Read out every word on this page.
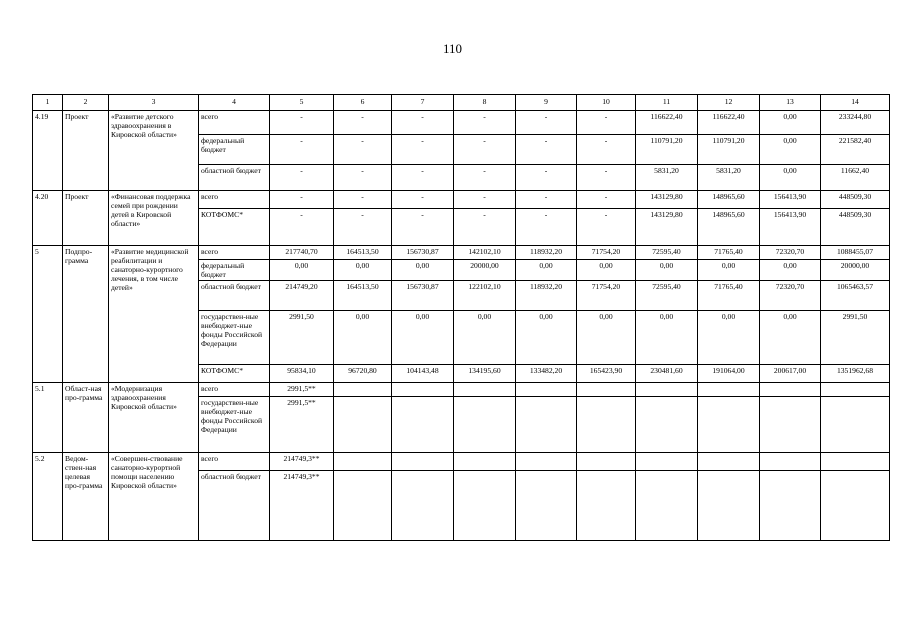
110
1	2	3	4	5	6	7	8	9	10	11	12	13	14
4.19	Проект	«Развитие детского здравоохранения в Кировской области»	всего	-	-	-	-	-	-	116622,40	116622,40	0,00	233244,80
			федеральный бюджет	-	-	-	-	-	-	110791,20	110791,20	0,00	221582,40
			областной бюджет	-	-	-	-	-	-	5831,20	5831,20	0,00	11662,40
4.20	Проект	«Финансовая поддержка семей при рождении детей в Кировской области»	всего	-	-	-	-	-	-	143129,80	148965,60	156413,90	448509,30
			КОТФОМС*	-	-	-	-	-	-	143129,80	148965,60	156413,90	448509,30
5	Подпро-грамма	«Развитие медицинской реабилитации и санаторно-курортного лечения, в том числе детей»	всего	217740,70	164513,50	156730,87	142102,10	118932,20	71754,20	72595,40	71765,40	72320,70	1088455,07
			федеральный бюджет	0,00	0,00	0,00	20000,00	0,00	0,00	0,00	0,00	0,00	20000,00
			областной бюджет	214749,20	164513,50	156730,87	122102,10	118932,20	71754,20	72595,40	71765,40	72320,70	1065463,57
			государствен-ные внебюджет-ные фонды Российской Федерации	2991,50	0,00	0,00	0,00	0,00	0,00	0,00	0,00	0,00	2991,50
			КОТФОМС*	95834,10	96720,80	104143,48	134195,60	133482,20	165423,90	230481,60	191064,00	200617,00	1351962,68
5.1	Област-ная про-грамма	«Модернизация здравоохранения Кировской области»	всего	2991,5**									
			государствен-ные внебюджет-ные фонды Российской Федерации	2991,5**									
5.2	Ведом-ствен-ная целевая про-грамма	«Совершен-ствование санаторно-курортной помощи населению Кировской области»	всего	214749,3**									
			областной бюджет	214749,3**									
